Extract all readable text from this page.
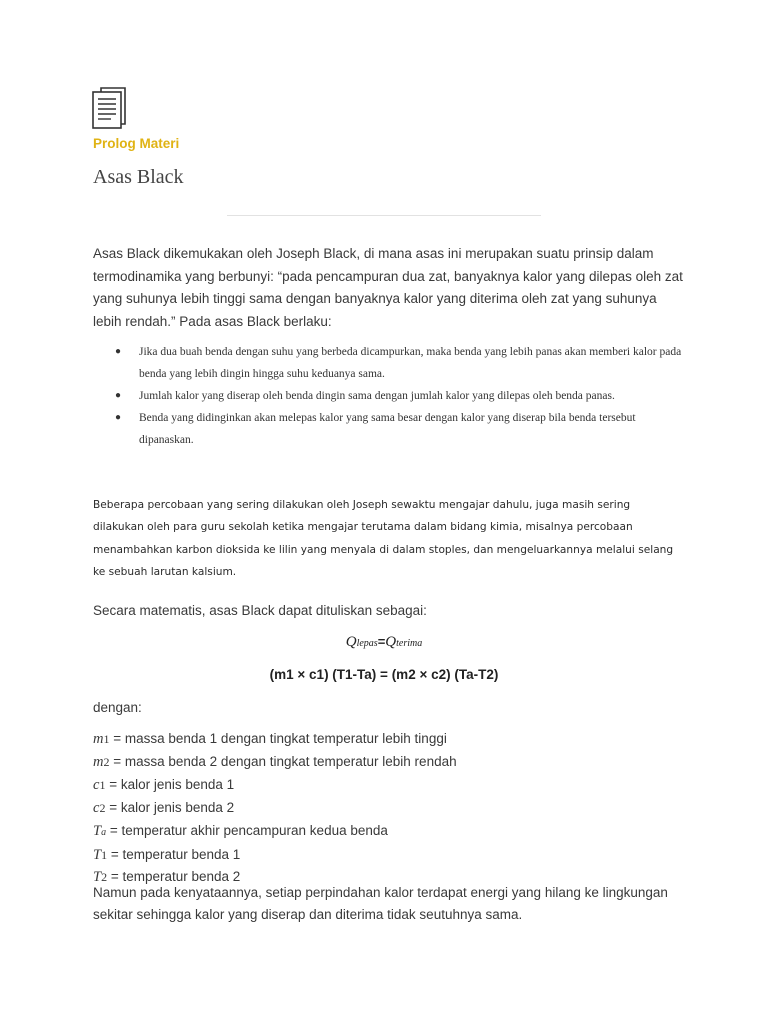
Prolog Materi
Asas Black

Asas Black dikemukakan oleh Joseph Black, di mana asas ini merupakan suatu prinsip dalam termodinamika yang berbunyi: “pada pencampuran dua zat, banyaknya kalor yang dilepas oleh zat yang suhunya lebih tinggi sama dengan banyaknya kalor yang diterima oleh zat yang suhunya lebih rendah.” Pada asas Black berlaku:

● Jika dua buah benda dengan suhu yang berbeda dicampurkan, maka benda yang lebih panas akan memberi kalor pada benda yang lebih dingin hingga suhu keduanya sama.
● Jumlah kalor yang diserap oleh benda dingin sama dengan jumlah kalor yang dilepas oleh benda panas.
● Benda yang didinginkan akan melepas kalor yang sama besar dengan kalor yang diserap bila benda tersebut dipanaskan.

Beberapa percobaan yang sering dilakukan oleh Joseph sewaktu mengajar dahulu, juga masih sering dilakukan oleh para guru sekolah ketika mengajar terutama dalam bidang kimia, misalnya percobaan menambahkan karbon dioksida ke lilin yang menyala di dalam stoples, dan mengeluarkannya melalui selang ke sebuah larutan kalsium.

Secara matematis, asas Black dapat dituliskan sebagai:

Qlepas=Qterima
(m1 × c1) (T1-Ta) = (m2 × c2) (Ta-T2)

dengan:

m1 = massa benda 1 dengan tingkat temperatur lebih tinggi
m2 = massa benda 2 dengan tingkat temperatur lebih rendah
c1 = kalor jenis benda 1
c2 = kalor jenis benda 2
Ta = temperatur akhir pencampuran kedua benda
T1 = temperatur benda 1
T2 = temperatur benda 2

Namun pada kenyataannya, setiap perpindahan kalor terdapat energi yang hilang ke lingkungan sekitar sehingga kalor yang diserap dan diterima tidak seutuhnya sama.
